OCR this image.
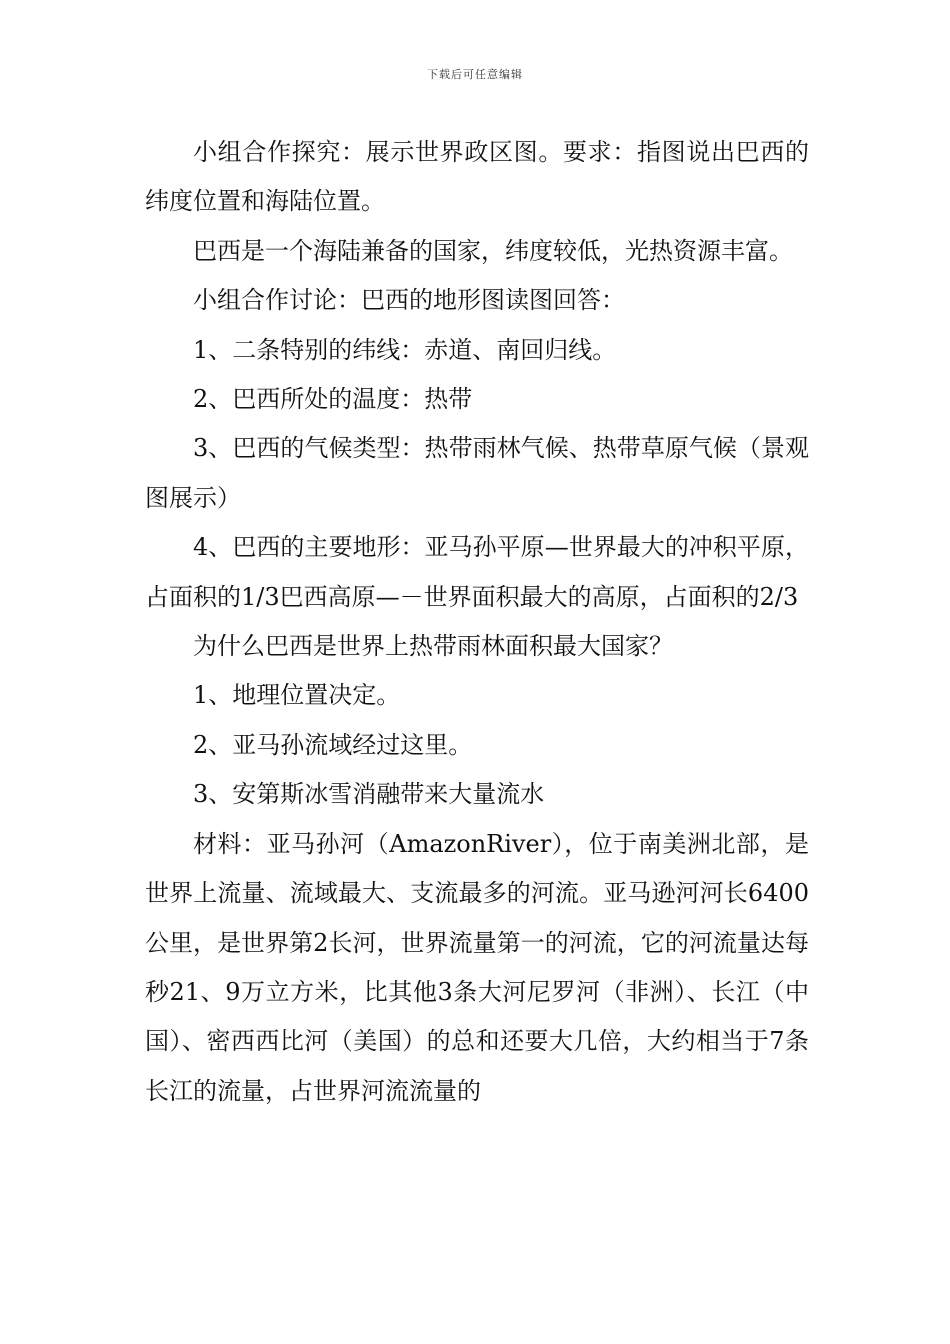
下载后可任意编辑

小组合作探究：展示世界政区图。要求：指图说出巴西的纬度位置和海陆位置。

巴西是一个海陆兼备的国家，纬度较低，光热资源丰富。

小组合作讨论：巴西的地形图读图回答：

1、二条特别的纬线：赤道、南回归线。

2、巴西所处的温度：热带

3、巴西的气候类型：热带雨林气候、热带草原气候（景观图展示）

4、巴西的主要地形：亚马孙平原—世界最大的冲积平原，占面积的1/3巴西高原—－世界面积最大的高原，占面积的2/3

为什么巴西是世界上热带雨林面积最大国家？

1、地理位置决定。

2、亚马孙流域经过这里。

3、安第斯冰雪消融带来大量流水

材料：亚马孙河（AmazonRiver），位于南美洲北部，是世界上流量、流域最大、支流最多的河流。亚马逊河河长6400公里，是世界第2长河，世界流量第一的河流，它的河流量达每秒21、9万立方米，比其他3条大河尼罗河（非洲）、长江（中国）、密西西比河（美国）的总和还要大几倍，大约相当于7条长江的流量，占世界河流流量的
